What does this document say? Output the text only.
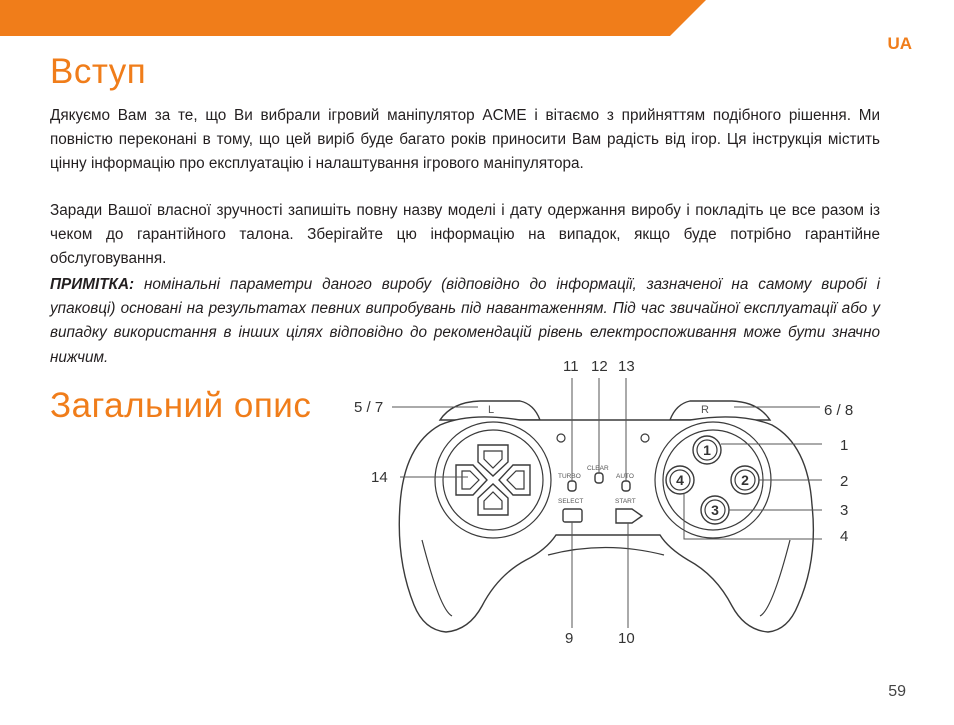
UA
Вступ

Дякуємо Вам за те, що Ви вибрали ігровий маніпулятор ACME і вітаємо з прийняттям подібного рішення. Ми повністю переконані в тому, що цей виріб буде багато років приносити Вам радість від ігор. Ця інструкція містить цінну інформацію про експлуатацію і налаштування ігрового маніпулятора.

Заради Вашої власної зручності запишіть повну назву моделі і дату одержання виробу і покладіть це все разом із чеком до гарантійного талона. Зберігайте цю інформацію на випадок, якщо буде потрібно гарантійне обслуговування.

ПРИМІТКА: номінальні параметри даного виробу (відповідно до інформації, зазначеної на самому виробі і упаковці) основані на результатах певних випробувань під навантаженням. Під час звичайної експлуатації або у випадку використання в інших цілях відповідно до рекомендацій рівень електроспоживання може бути значно нижчим.

Загальний опис	L	R
TURBO
CLEAR
AUTO
SELECT	START
1
2
3
4
11 12 13
5 / 7	6 / 8
1
2
3
4
14
9	10
59
